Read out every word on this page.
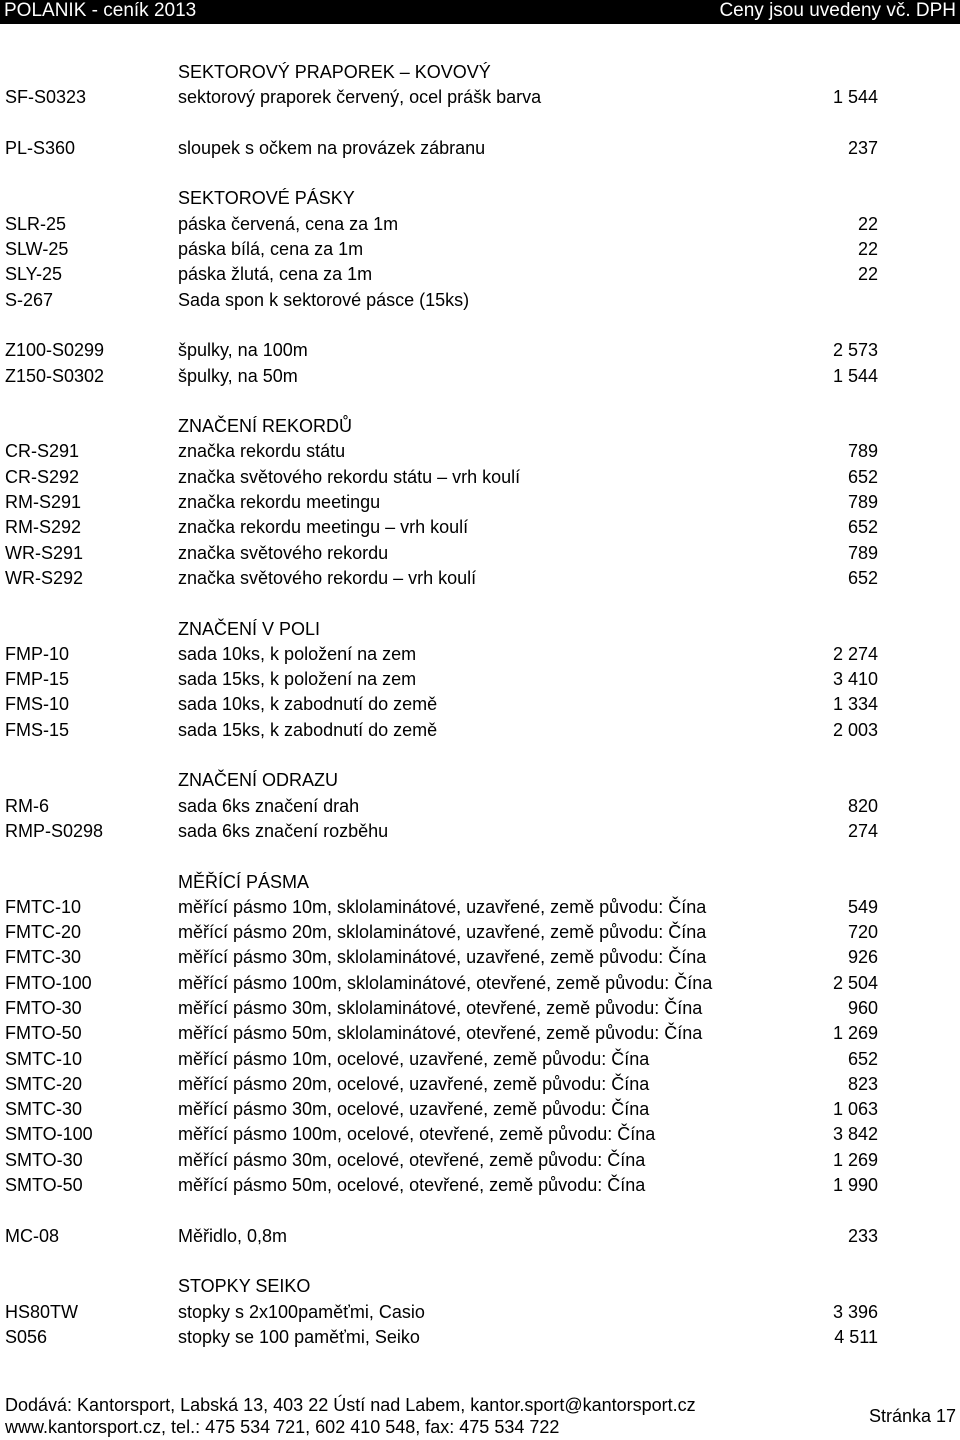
POLANIK - ceník 2013	Ceny jsou uvedeny vč. DPH
SEKTOROVÝ PRAPOREK – KOVOVÝ
SF-S0323	sektorový praporek červený, ocel prášk barva	1 544
PL-S360	sloupek s očkem na provázek zábranu	237
SEKTOROVÉ PÁSKY
SLR-25	páska červená, cena za 1m	22
SLW-25	páska bílá, cena za 1m	22
SLY-25	páska žlutá, cena za 1m	22
S-267	Sada spon k sektorové pásce (15ks)
Z100-S0299	špulky, na 100m	2 573
Z150-S0302	špulky, na 50m	1 544
ZNAČENÍ REKORDŮ
CR-S291	značka rekordu státu	789
CR-S292	značka světového rekordu státu – vrh koulí	652
RM-S291	značka rekordu meetingu	789
RM-S292	značka rekordu meetingu – vrh koulí	652
WR-S291	značka světového rekordu	789
WR-S292	značka světového rekordu – vrh koulí	652
ZNAČENÍ V POLI
FMP-10	sada 10ks, k položení na zem	2 274
FMP-15	sada 15ks, k položení na zem	3 410
FMS-10	sada 10ks, k zabodnutí do země	1 334
FMS-15	sada 15ks, k zabodnutí do země	2 003
ZNAČENÍ ODRAZU
RM-6	sada 6ks značení drah	820
RMP-S0298	sada 6ks značení rozběhu	274
MĚŘÍCÍ PÁSMA
FMTC-10	měřící pásmo 10m, sklolaminátové, uzavřené, země původu: Čína	549
FMTC-20	měřící pásmo 20m, sklolaminátové, uzavřené, země původu: Čína	720
FMTC-30	měřící pásmo 30m, sklolaminátové, uzavřené, země původu: Čína	926
FMTO-100	měřící pásmo 100m, sklolaminátové, otevřené, země původu: Čína	2 504
FMTO-30	měřící pásmo 30m, sklolaminátové, otevřené, země původu: Čína	960
FMTO-50	měřící pásmo 50m, sklolaminátové, otevřené, země původu: Čína	1 269
SMTC-10	měřící pásmo 10m, ocelové, uzavřené, země původu: Čína	652
SMTC-20	měřící pásmo 20m, ocelové, uzavřené, země původu: Čína	823
SMTC-30	měřící pásmo 30m, ocelové, uzavřené, země původu: Čína	1 063
SMTO-100	měřící pásmo 100m, ocelové, otevřené, země původu: Čína	3 842
SMTO-30	měřící pásmo 30m, ocelové, otevřené, země původu: Čína	1 269
SMTO-50	měřící pásmo 50m, ocelové, otevřené, země původu: Čína	1 990
MC-08	Měřidlo, 0,8m	233
STOPKY SEIKO
HS80TW	stopky s 2x100paměťmi, Casio	3 396
S056	stopky se 100 paměťmi, Seiko	4 511
Dodává: Kantorsport, Labská 13, 403 22 Ústí nad Labem, kantor.sport@kantorsport.cz
www.kantorsport.cz, tel.: 475 534 721, 602 410 548, fax: 475 534 722
Stránka 17
